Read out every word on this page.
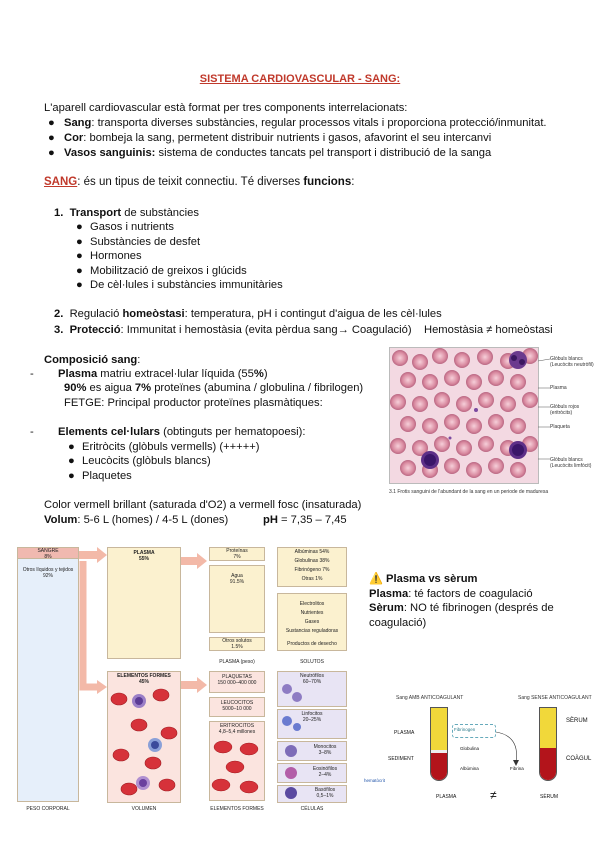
SISTEMA CARDIOVASCULAR - SANG:
L'aparell cardiovascular està format per tres components interrelacionats:
● Sang: transporta diverses substàncies, regular processos vitals i proporciona protecció/inmunitat.
● Cor: bombeja la sang, permetent distribuir nutrients i gasos, afavorint el seu intercanvi
● Vasos sanguinis: sistema de conductes tancats pel transport i distribució de la sanga
SANG: és un tipus de teixit connectiu. Té diverses funcions:
1. Transport de substàncies
● Gasos i nutrients
● Substàncies de desfet
● Hormones
● Mobilització de greixos i glúcids
● De cèl·lules i substàncies immunitàries
2. Regulació homeòstasi: temperatura, pH i contingut d'aigua de les cèl·lules
3. Protecció: Immunitat i hemostàsia (evita pèrdua sang→ Coagulació)    Hemostàsia ≠ homeòstasi
Composició sang:
- Plasma matriu extracel·lular líquida (55%)
90% es aigua 7% proteïnes (abumina / globulina / fibrilogen)
FETGE: Principal productor proteïnes plasmàtiques:
- Elements cel·lulars (obtinguts per hematopoesi):
● Eritròcits (glòbuls vermells) (+++++)
● Leucòcits (glòbuls blancs)
● Plaquetes
Color vermell brillant (saturada d'O2) a vermell fosc (insaturada)
Volum: 5-6 L (homes) / 4-5 L (dones)	pH = 7,35 – 7,45
Glòbuls blancs (Leucòcits neutròfil)
Plasma
Glòbuls rojos (eritròcits)
Plaqueta
Glòbuls blancs (Leucòcits limfòcit)
3.1 Frotis sanguini de l'abundant de la sang en un periode de maduresa
SANGRE
8%
Otros líquidos y tejidos
92%
PLASMA
55%
ELEMENTOS FORMES
45%
Proteínas
7%
Agua
91.5%
Otros solutos
1.5%
PLASMA (peso)
Albúminas 54%
Globulinas 38%
Fibrinógeno 7%
Otras 1%
Electrolitos
Nutrientes
Gases
Sustancias reguladoras
Productos de desecho
SOLUTOS
PLAQUETAS
150 000–400 000
LEUCOCITOS
5000–10 000
ERITROCITOS
4,8–5,4 millones
Neutrófilos
60–70%
Linfocitos
20–25%
Monocitos
3–8%
Eosinófilos
2–4%
Basófilos
0,5–1%
PESO CORPORAL	VOLUMEN	ELEMENTOS FORMES	CÉLULAS
⚠️ Plasma vs sèrum
Plasma: té factors de coagulació
Sèrum: NO té fibrinogen (després de coagulació)
Sang AMB ANTICOAGULANT	Sang SENSE ANTICOAGULANT
PLASMA
SEDIMENT
hematòcrit
SÈRUM
COÀGUL
Fibrinogen
Globulina
Albúmina	Fibrina
PLASMA	≠	SÈRUM
